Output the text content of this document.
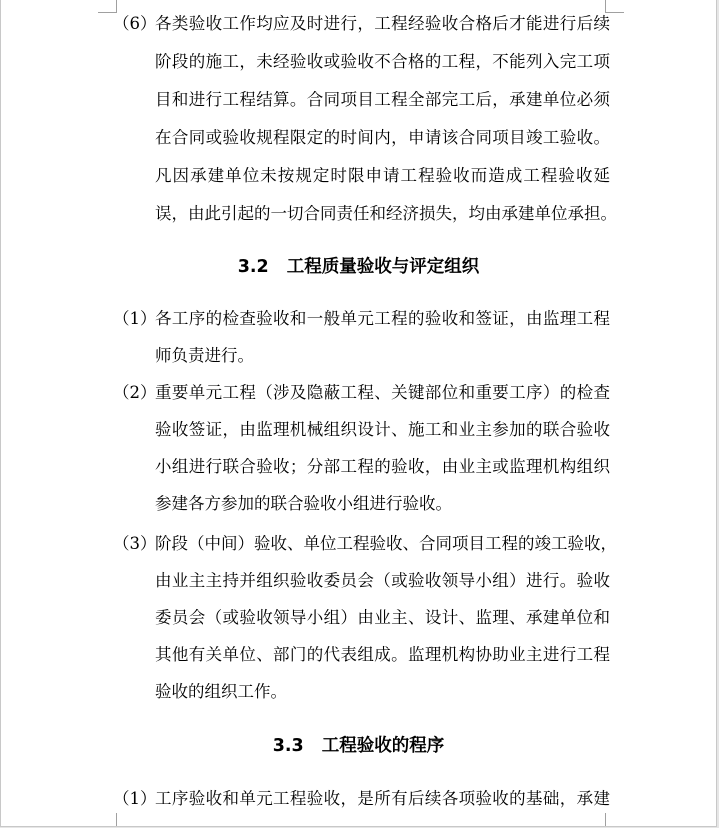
（6）
各类验收工作均应及时进行，工程经验收合格后才能进行后续
阶段的施工，未经验收或验收不合格的工程，不能列入完工项
目和进行工程结算。合同项目工程全部完工后，承建单位必须
在合同或验收规程限定的时间内，申请该合同项目竣工验收。
凡因承建单位未按规定时限申请工程验收而造成工程验收延
误，由此引起的一切合同责任和经济损失，均由承建单位承担。
3.2 工程质量验收与评定组织
（1）
各工序的检查验收和一般单元工程的验收和签证，由监理工程
师负责进行。
（2）
重要单元工程（涉及隐蔽工程、关键部位和重要工序）的检查
验收签证，由监理机械组织设计、施工和业主参加的联合验收
小组进行联合验收；分部工程的验收，由业主或监理机构组织
参建各方参加的联合验收小组进行验收。
（3）
阶段（中间）验收、单位工程验收、合同项目工程的竣工验收，
由业主主持并组织验收委员会（或验收领导小组）进行。验收
委员会（或验收领导小组）由业主、设计、监理、承建单位和
其他有关单位、部门的代表组成。监理机构协助业主进行工程
验收的组织工作。
3.3 工程验收的程序
（1）
工序验收和单元工程验收，是所有后续各项验收的基础，承建
